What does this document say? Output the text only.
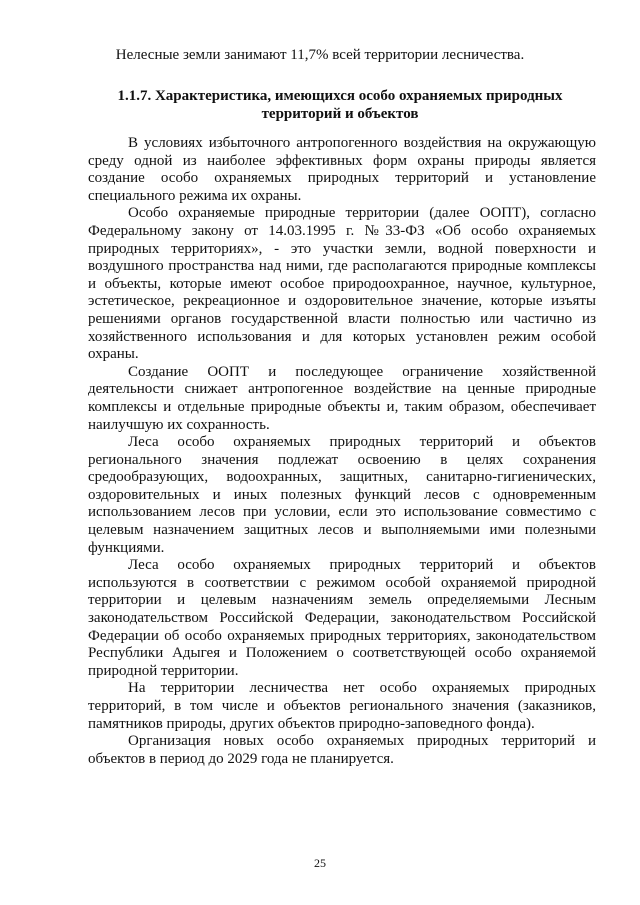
Нелесные земли занимают 11,7% всей территории лесничества.
1.1.7. Характеристика, имеющихся особо охраняемых природных территорий и объектов

В условиях избыточного антропогенного воздействия на окружающую среду одной из наиболее эффективных форм охраны природы является создание особо охраняемых природных территорий и установление специального режима их охраны.

Особо охраняемые природные территории (далее ООПТ), согласно Федеральному закону от 14.03.1995 г. №33-ФЗ «Об особо охраняемых природных территориях», - это участки земли, водной поверхности и воздушного пространства над ними, где располагаются природные комплексы и объекты, которые имеют особое природоохранное, научное, культурное, эстетическое, рекреационное и оздоровительное значение, которые изъяты решениями органов государственной власти полностью или частично из хозяйственного использования и для которых установлен режим особой охраны.

Создание ООПТ и последующее ограничение хозяйственной деятельности снижает антропогенное воздействие на ценные природные комплексы и отдельные природные объекты и, таким образом, обеспечивает наилучшую их сохранность.

Леса особо охраняемых природных территорий и объектов регионального значения подлежат освоению в целях сохранения средообразующих, водоохранных, защитных, санитарно-гигиенических, оздоровительных и иных полезных функций лесов с одновременным использованием лесов при условии, если это использование совместимо с целевым назначением защитных лесов и выполняемыми ими полезными функциями.

Леса особо охраняемых природных территорий и объектов используются в соответствии с режимом особой охраняемой природной территории и целевым назначениям земель определяемыми Лесным законодательством Российской Федерации, законодательством Российской Федерации об особо охраняемых природных территориях, законодательством Республики Адыгея и Положением о соответствующей особо охраняемой природной территории.

На территории лесничества нет особо охраняемых природных территорий, в том числе и объектов регионального значения (заказников, памятников природы, других объектов природно-заповедного фонда).

Организация новых особо охраняемых природных территорий и объектов в период до 2029 года не планируется.

25
